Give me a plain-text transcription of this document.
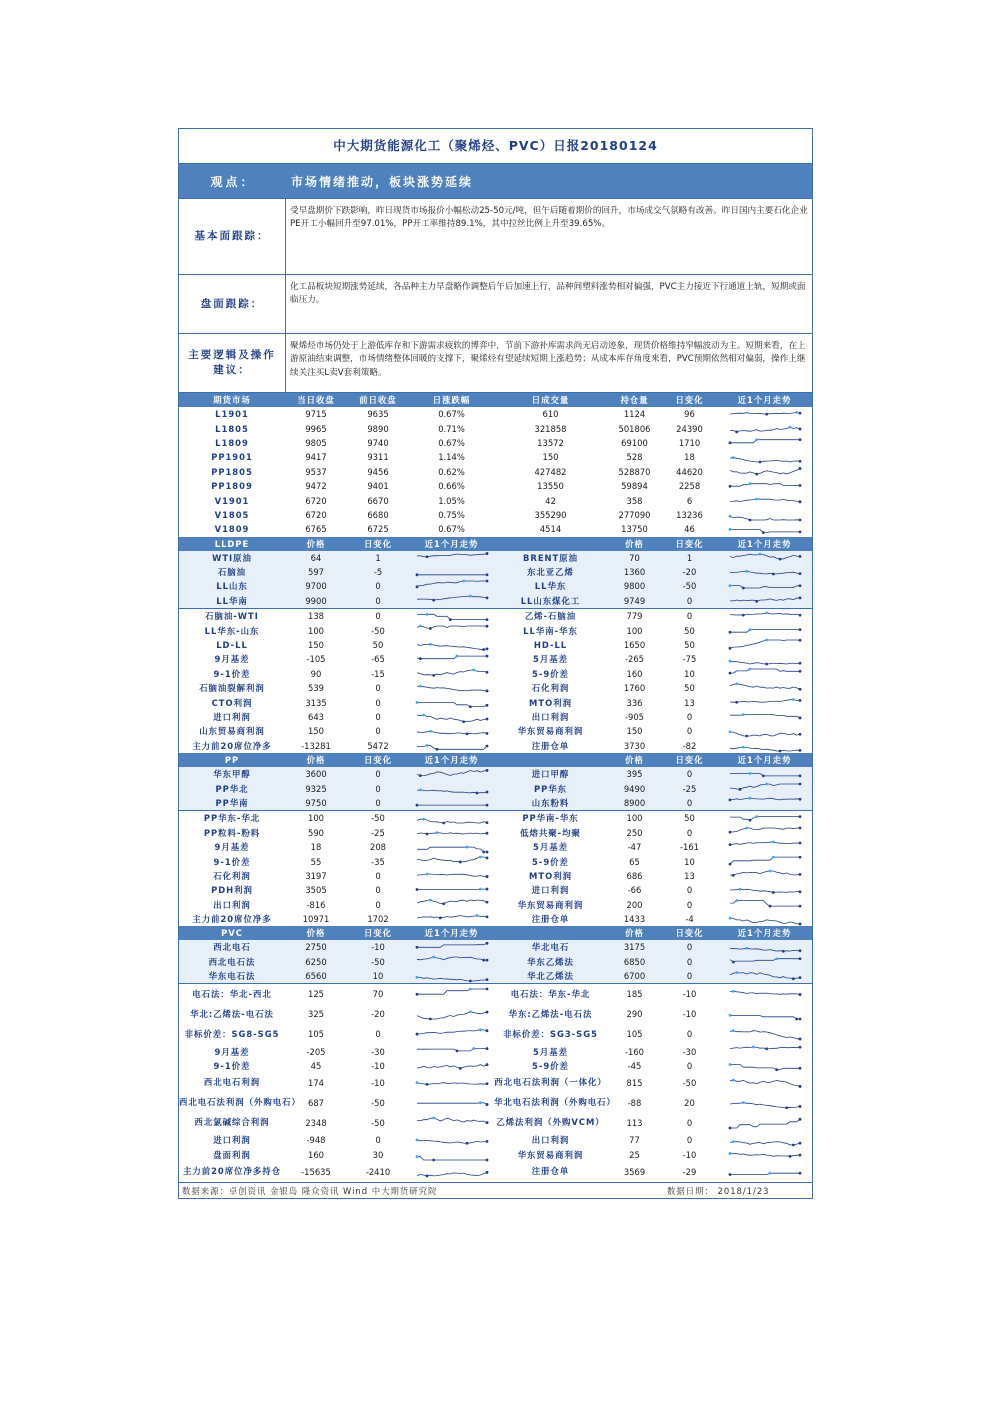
中大期货能源化工（聚烯烃、PVC）日报20180124
观点：	市场情绪推动，板块涨势延续
基本面跟踪：
受早盘期价下跌影响，昨日现货市场报价小幅松动25-50元/吨，但午后随着期价的回升，市场成交气氛略有改善。昨日国内主要石化企业PE开工小幅回升至97.01%，PP开工率维持89.1%，其中拉丝比例上升至39.65%。
盘面跟踪：
化工品板块短期涨势延续，各品种主力早盘略作调整后午后加速上行，品种间塑料涨势相对偏强，PVC主力接近下行通道上轨，短期或面临压力。
主要逻辑及操作建议：
聚烯烃市场仍处于上游低库存和下游需求疲软的博弈中，节前下游补库需求尚无启动迹象，现货价格维持窄幅波动为主。短期来看，在上游原油结束调整，市场情绪整体回暖的支撑下，聚烯烃有望延续短期上涨趋势；从成本库存角度来看，PVC预期依然相对偏弱，操作上继续关注买L卖V套利策略。
期货市场	当日收盘	前日收盘	日涨跌幅	日成交量	持仓量	日变化	近1个月走势
L1901	9715	9635	0.67%	610	1124	96	

L1805	9965	9890	0.71%	321858	501806	24390	

L1809	9805	9740	0.67%	13572	69100	1710	

PP1901	9417	9311	1.14%	150	528	18	

PP1805	9537	9456	0.62%	427482	528870	44620	

PP1809	9472	9401	0.66%	13550	59894	2258	

V1901	6720	6670	1.05%	42	358	6	

V1805	6720	6680	0.75%	355290	277090	13236	

V1809	6765	6725	0.67%	4514	13750	46	
LLDPE	价格	日变化	近1个月走势		价格	日变化	近1个月走势
WTI原油	64	1		BRENT原油	70	1	

石脑油	597	-5		东北亚乙烯	1360	-20	

LL山东	9700	0		LL华东	9800	-50	

LL华南	9900	0		LL山东煤化工	9749	0	

石脑油-WTI	138	0		乙烯-石脑油	779	0	

LL华东-山东	100	-50		LL华南-华东	100	50	

LD-LL	150	50		HD-LL	1650	50	

9月基差	-105	-65		5月基差	-265	-75	

9-1价差	90	-15		5-9价差	160	10	

石脑油裂解利润	539	0		石化利润	1760	50	

CTO利润	3135	0		MTO利润	336	13	

进口利润	643	0		出口利润	-905	0	

山东贸易商利润	150	0		华东贸易商利润	150	0	

主力前20席位净多	-13281	5472		注册仓单	3730	-82	
PP	价格	日变化	近1个月走势		价格	日变化	近1个月走势
华东甲醇	3600	0		进口甲醇	395	0	

PP华北	9325	0		PP华东	9490	-25	

PP华南	9750	0		山东粉料	8900	0	

PP华东-华北	100	-50		PP华南-华东	100	50	

PP粒料-粉料	590	-25		低熔共聚-均聚	250	0	

9月基差	18	208		5月基差	-47	-161	

9-1价差	55	-35		5-9价差	65	10	

石化利润	3197	0		MTO利润	686	13	

PDH利润	3505	0		进口利润	-66	0	

出口利润	-816	0		华东贸易商利润	200	0	

主力前20席位净多	10971	1702		注册仓单	1433	-4	
PVC	价格	日变化	近1个月走势		价格	日变化	近1个月走势
西北电石	2750	-10		华北电石	3175	0	

西北电石法	6250	-50		华东乙烯法	6850	0	

华东电石法	6560	10		华北乙烯法	6700	0	

电石法：华北-西北	125	70		电石法：华东-华北	185	-10	

华北:乙烯法-电石法	325	-20		华东:乙烯法-电石法	290	-10	

非标价差：SG8-SG5	105	0		非标价差：SG3-SG5	105	0	

9月基差	-205	-30		5月基差	-160	-30	

9-1价差	45	-10		5-9价差	-45	0	

西北电石利润	174	-10		西北电石法利润（一体化）	815	-50	

西北电石法利润（外购电石）	687	-50		华北电石法利润（外购电石）	-88	20	

西北氯碱综合利润	2348	-50		乙烯法利润（外购VCM）	113	0	

进口利润	-948	0		出口利润	77	0	

盘面利润	160	30		华东贸易商利润	25	-10	

主力前20席位净多持仓	-15635	-2410		注册仓单	3569	-29	
数据来源：卓创资讯 金银岛 隆众资讯 Wind 中大期货研究院	数据日期： 2018/1/23
